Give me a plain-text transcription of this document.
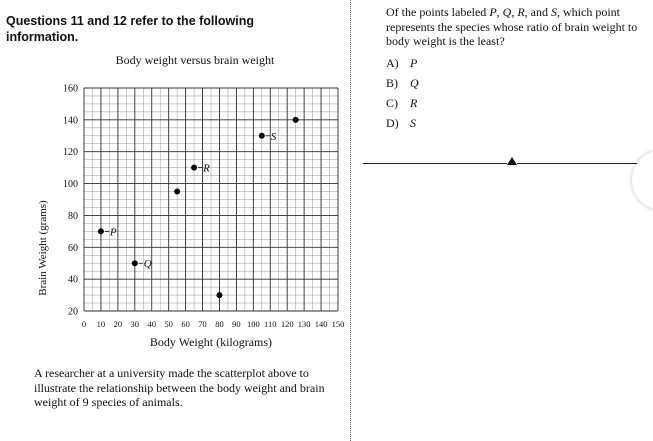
Questions 11 and 12 refer to the following information.
Body weight versus brain weight
20
40
60
80
100
120
140
160
0 10 20 30 40 50 60 70 80 90 100 110 120 130 140 150
P
Q
R
S
Body Weight (kilograms)
Brain Weight (grams)
A researcher at a university made the scatterplot above to illustrate the relationship between the body weight and brain weight of 9 species of animals.
Of the points labeled P, Q, R, and S, which point represents the species whose ratio of brain weight to body weight is the least?
A) P
B)	Q
C)	R
D) S
